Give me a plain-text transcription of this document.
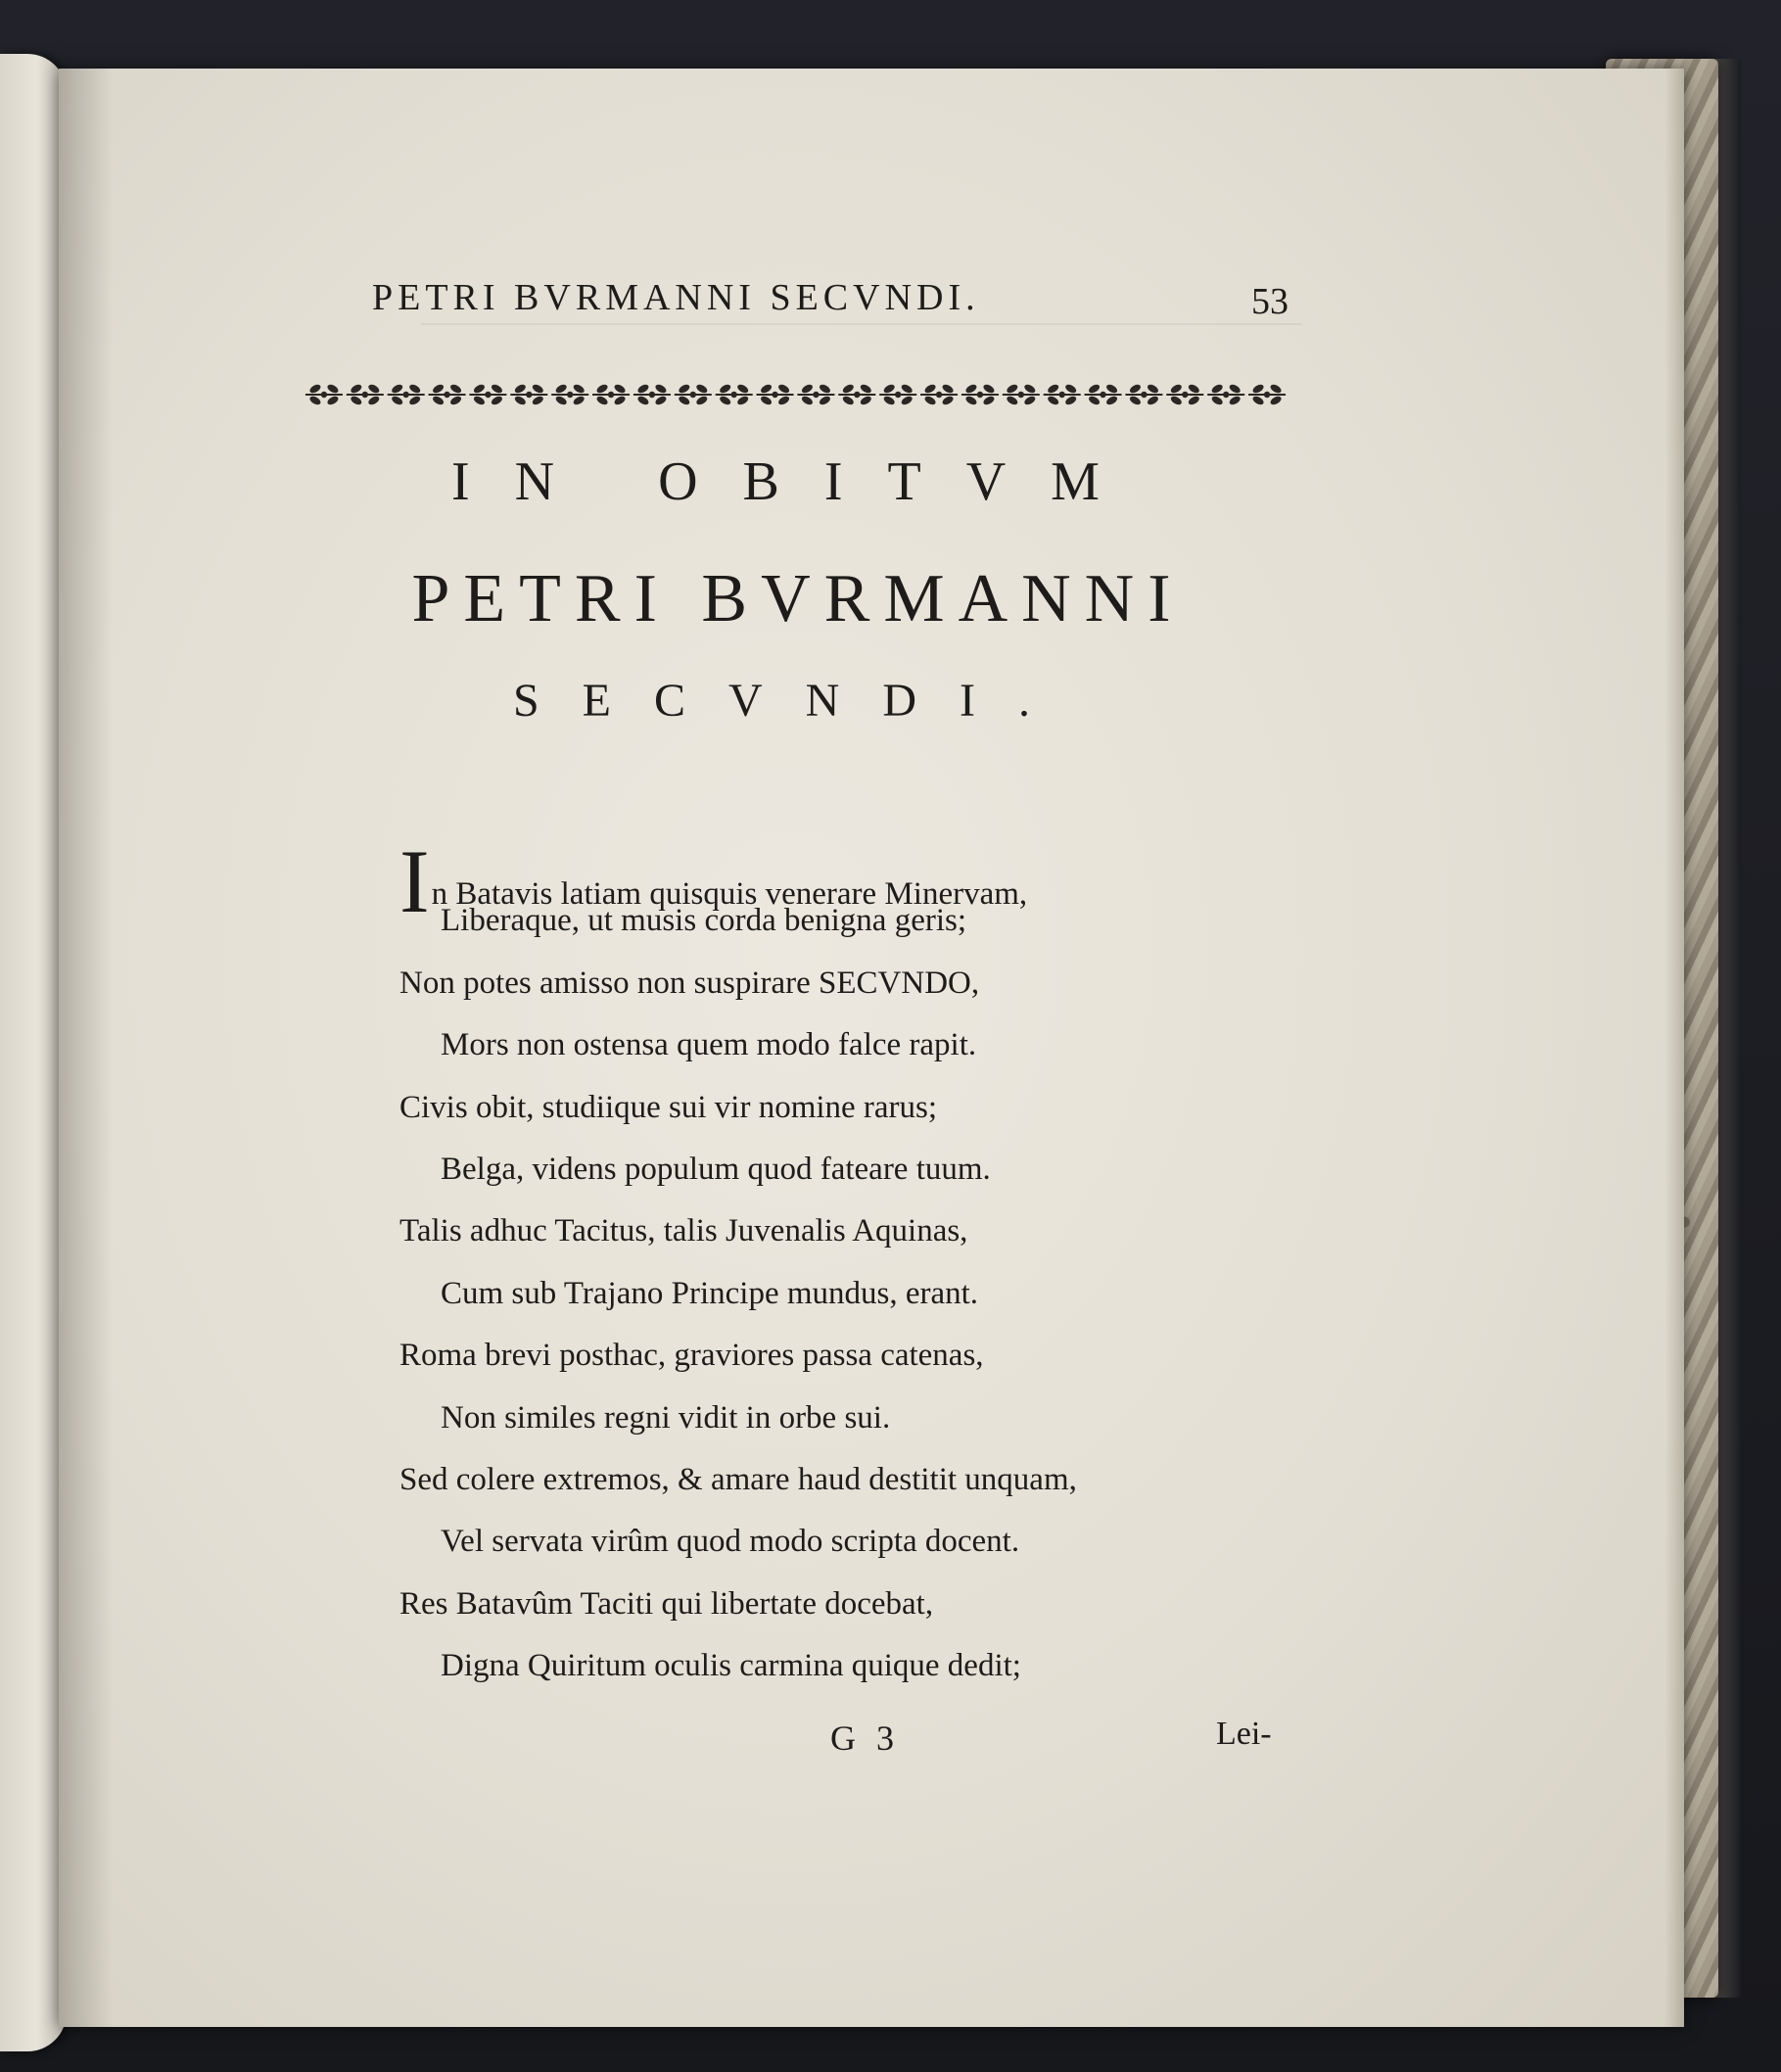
PETRI BVRMANNI SECVNDI.	53
IN OBITVM
PETRI BVRMANNI
SECVNDI.
In Batavis latiam quisquis venerare Minervam,
Liberaque, ut musis corda benigna geris;
Non potes amisso non suspirare SECVNDO,
Mors non ostensa quem modo falce rapit.
Civis obit, studiique sui vir nomine rarus;
Belga, videns populum quod fateare tuum.
Talis adhuc Tacitus, talis Juvenalis Aquinas,
Cum sub Trajano Principe mundus, erant.
Roma brevi posthac, graviores passa catenas,
Non similes regni vidit in orbe sui.
Sed colere extremos, & amare haud destitit unquam,
Vel servata virûm quod modo scripta docent.
Res Batavûm Taciti qui libertate docebat,
Digna Quiritum oculis carmina quique dedit;
G 3	Lei-
